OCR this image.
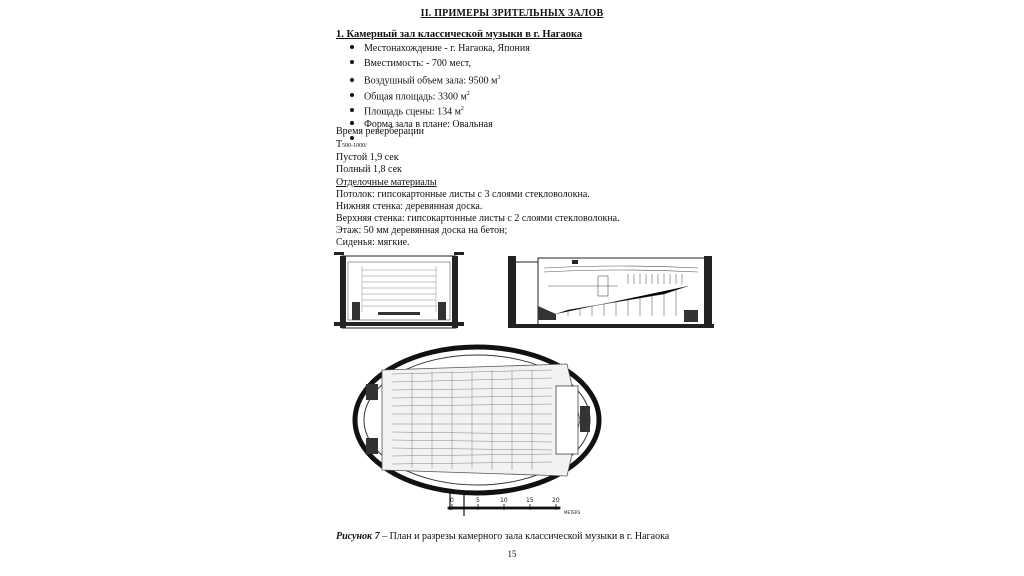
II. ПРИМЕРЫ ЗРИТЕЛЬНЫХ ЗАЛОВ
1. Камерный зал классической музыки в г. Нагаока
Местонахождение - г. Нагаока, Япония
Вместимость: - 700 мест,
Воздушный объем зала: 9500 $м^3$
Общая площадь: 3300 $м^2$
Площадь сцены: 134 $м^2$
Форма зала в плане: Овальная
Время реверберации
T500-1000/
Пустой 1,9 сек
Полный 1,8 сек
Отделочные материалы
Потолок: гипсокартонные листы с 3 слоями стекловолокна.
Нижняя стенка: деревянная доска.
Верхняя стенка: гипсокартонные листы с 2 слоями стекловолокна.
Этаж: 50 мм деревянная доска на бетон;
Сиденья: мягкие.
0	5	10	15	20
METERS
Рисунок 7 – План и разрезы камерного зала классической музыки в г. Нагаока
15
